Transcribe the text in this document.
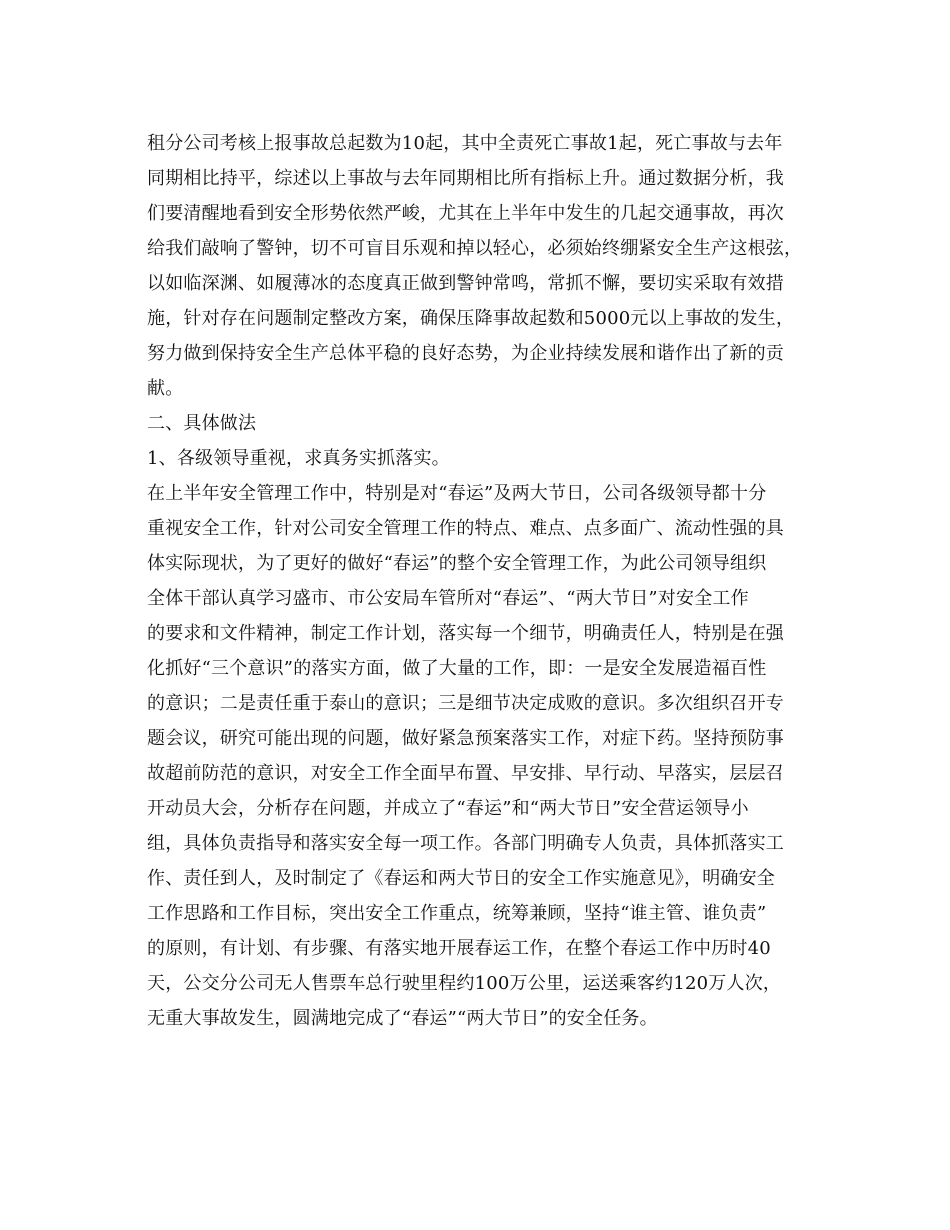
租分公司考核上报事故总起数为10起，其中全责死亡事故1起，死亡事故与去年
同期相比持平，综述以上事故与去年同期相比所有指标上升。通过数据分析，我
们要清醒地看到安全形势依然严峻，尤其在上半年中发生的几起交通事故，再次
给我们敲响了警钟，切不可盲目乐观和掉以轻心，必须始终绷紧安全生产这根弦，
以如临深渊、如履薄冰的态度真正做到警钟常鸣，常抓不懈，要切实采取有效措
施，针对存在问题制定整改方案，确保压降事故起数和5000元以上事故的发生，
努力做到保持安全生产总体平稳的良好态势，为企业持续发展和谐作出了新的贡
献。
二、具体做法
1、各级领导重视，求真务实抓落实。
在上半年安全管理工作中，特别是对“春运”及两大节日，公司各级领导都十分
重视安全工作，针对公司安全管理工作的特点、难点、点多面广、流动性强的具
体实际现状，为了更好的做好“春运”的整个安全管理工作，为此公司领导组织
全体干部认真学习盛市、市公安局车管所对“春运”、“两大节日”对安全工作
的要求和文件精神，制定工作计划，落实每一个细节，明确责任人，特别是在强
化抓好“三个意识”的落实方面，做了大量的工作，即：一是安全发展造福百性
的意识；二是责任重于泰山的意识；三是细节决定成败的意识。多次组织召开专
题会议，研究可能出现的问题，做好紧急预案落实工作，对症下药。坚持预防事
故超前防范的意识，对安全工作全面早布置、早安排、早行动、早落实，层层召
开动员大会，分析存在问题，并成立了“春运”和“两大节日”安全营运领导小
组，具体负责指导和落实安全每一项工作。各部门明确专人负责，具体抓落实工
作、责任到人，及时制定了《春运和两大节日的安全工作实施意见》，明确安全
工作思路和工作目标，突出安全工作重点，统筹兼顾，坚持“谁主管、谁负责”
的原则，有计划、有步骤、有落实地开展春运工作，在整个春运工作中历时40
天，公交分公司无人售票车总行驶里程约100万公里，运送乘客约120万人次，
无重大事故发生，圆满地完成了“春运”“两大节日”的安全任务。
